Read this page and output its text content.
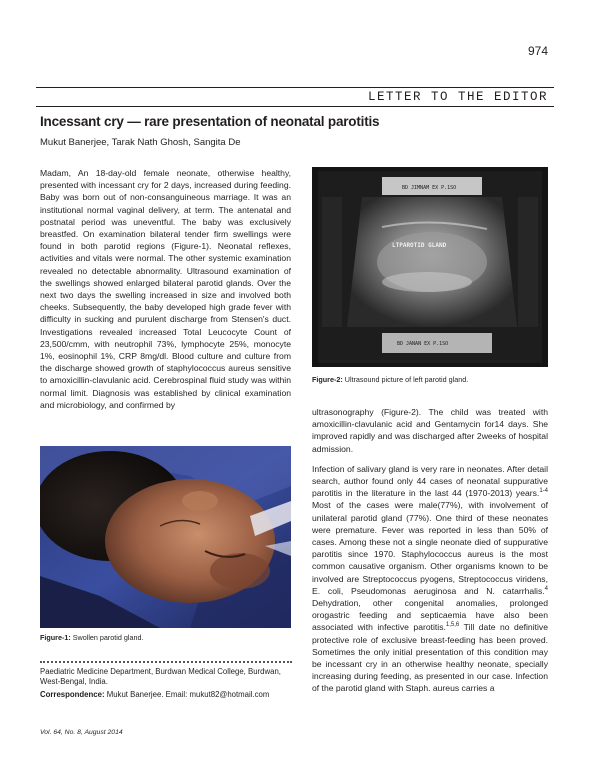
974
LETTER TO THE EDITOR
Incessant cry — rare presentation of neonatal parotitis
Mukut Banerjee, Tarak Nath Ghosh, Sangita De

Madam, An 18-day-old female neonate, otherwise healthy, presented with incessant cry for 2 days, increased during feeding. Baby was born out of non-consanguineous marriage. It was an institutional normal vaginal delivery, at term. The antenatal and postnatal period was uneventful. The baby was exclusively breastfed. On examination bilateral tender firm swellings were found in both parotid regions (Figure-1). Neonatal reflexes, activities and vitals were normal. The other systemic examination revealed no detectable abnormality. Ultrasound examination of the swellings showed enlarged bilateral parotid glands. Over the next two days the swelling increased in size and involved both cheeks. Subsequently, the baby developed high grade fever with difficulty in sucking and purulent discharge from Stensen's duct. Investigations revealed increased Total Leucocyte Count of 23,500/cmm, with neutrophil 73%, lymphocyte 25%, monocyte 1%, eosinophil 1%, CRP 8mg/dl. Blood culture and culture from the discharge showed growth of staphylococcus aureus sensitive to amoxicillin-clavulanic acid. Cerebrospinal fluid study was within normal limit. Diagnosis was established by clinical examination and microbiology, and confirmed by

Figure-1: Swollen parotid gland.
Paediatric Medicine Department, Burdwan Medical College, Burdwan, West-Bengal, India.
Correspondence: Mukut Banerjee. Email: mukut82@hotmail.com
Vol. 64, No. 8, August 2014
BD JIMNAM EX P.1SO
LTPAROTID GLAND
BD JANAN EX P.1SO
Figure-2: Ultrasound picture of left parotid gland.

ultrasonography (Figure-2). The child was treated with amoxicillin-clavulanic acid and Gentamycin for14 days. She improved rapidly and was discharged after 2weeks of hospital admission.

Infection of salivary gland is very rare in neonates. After detail search, author found only 44 cases of neonatal suppurative parotitis in the literature in the last 44 (1970-2013) years.$^{1-4}$ Most of the cases were male(77%), with involvement of unilateral parotid gland (77%). One third of these neonates were premature. Fever was reported in less than 50% of cases. Among these not a single neonate died of suppurative parotitis since 1970. Staphylococcus aureus is the most common causative organism. Other organisms known to be involved are Streptococcus pyogens, Streptococcus viridens, E. coli, Pseudomonas aeruginosa and N. catarrhalis.$^4$ Dehydration, other congenital anomalies, prolonged orogastric feeding and septicaemia have also been associated with infective parotitis.$^{1,5,6}$ Till date no definitive protective role of exclusive breast-feeding has been proved. Sometimes the only initial presentation of this condition may be incessant cry in an otherwise healthy neonate, specially increasing during feeding, as presented in our case. Infection of the parotid gland with Staph. aureus carries a
